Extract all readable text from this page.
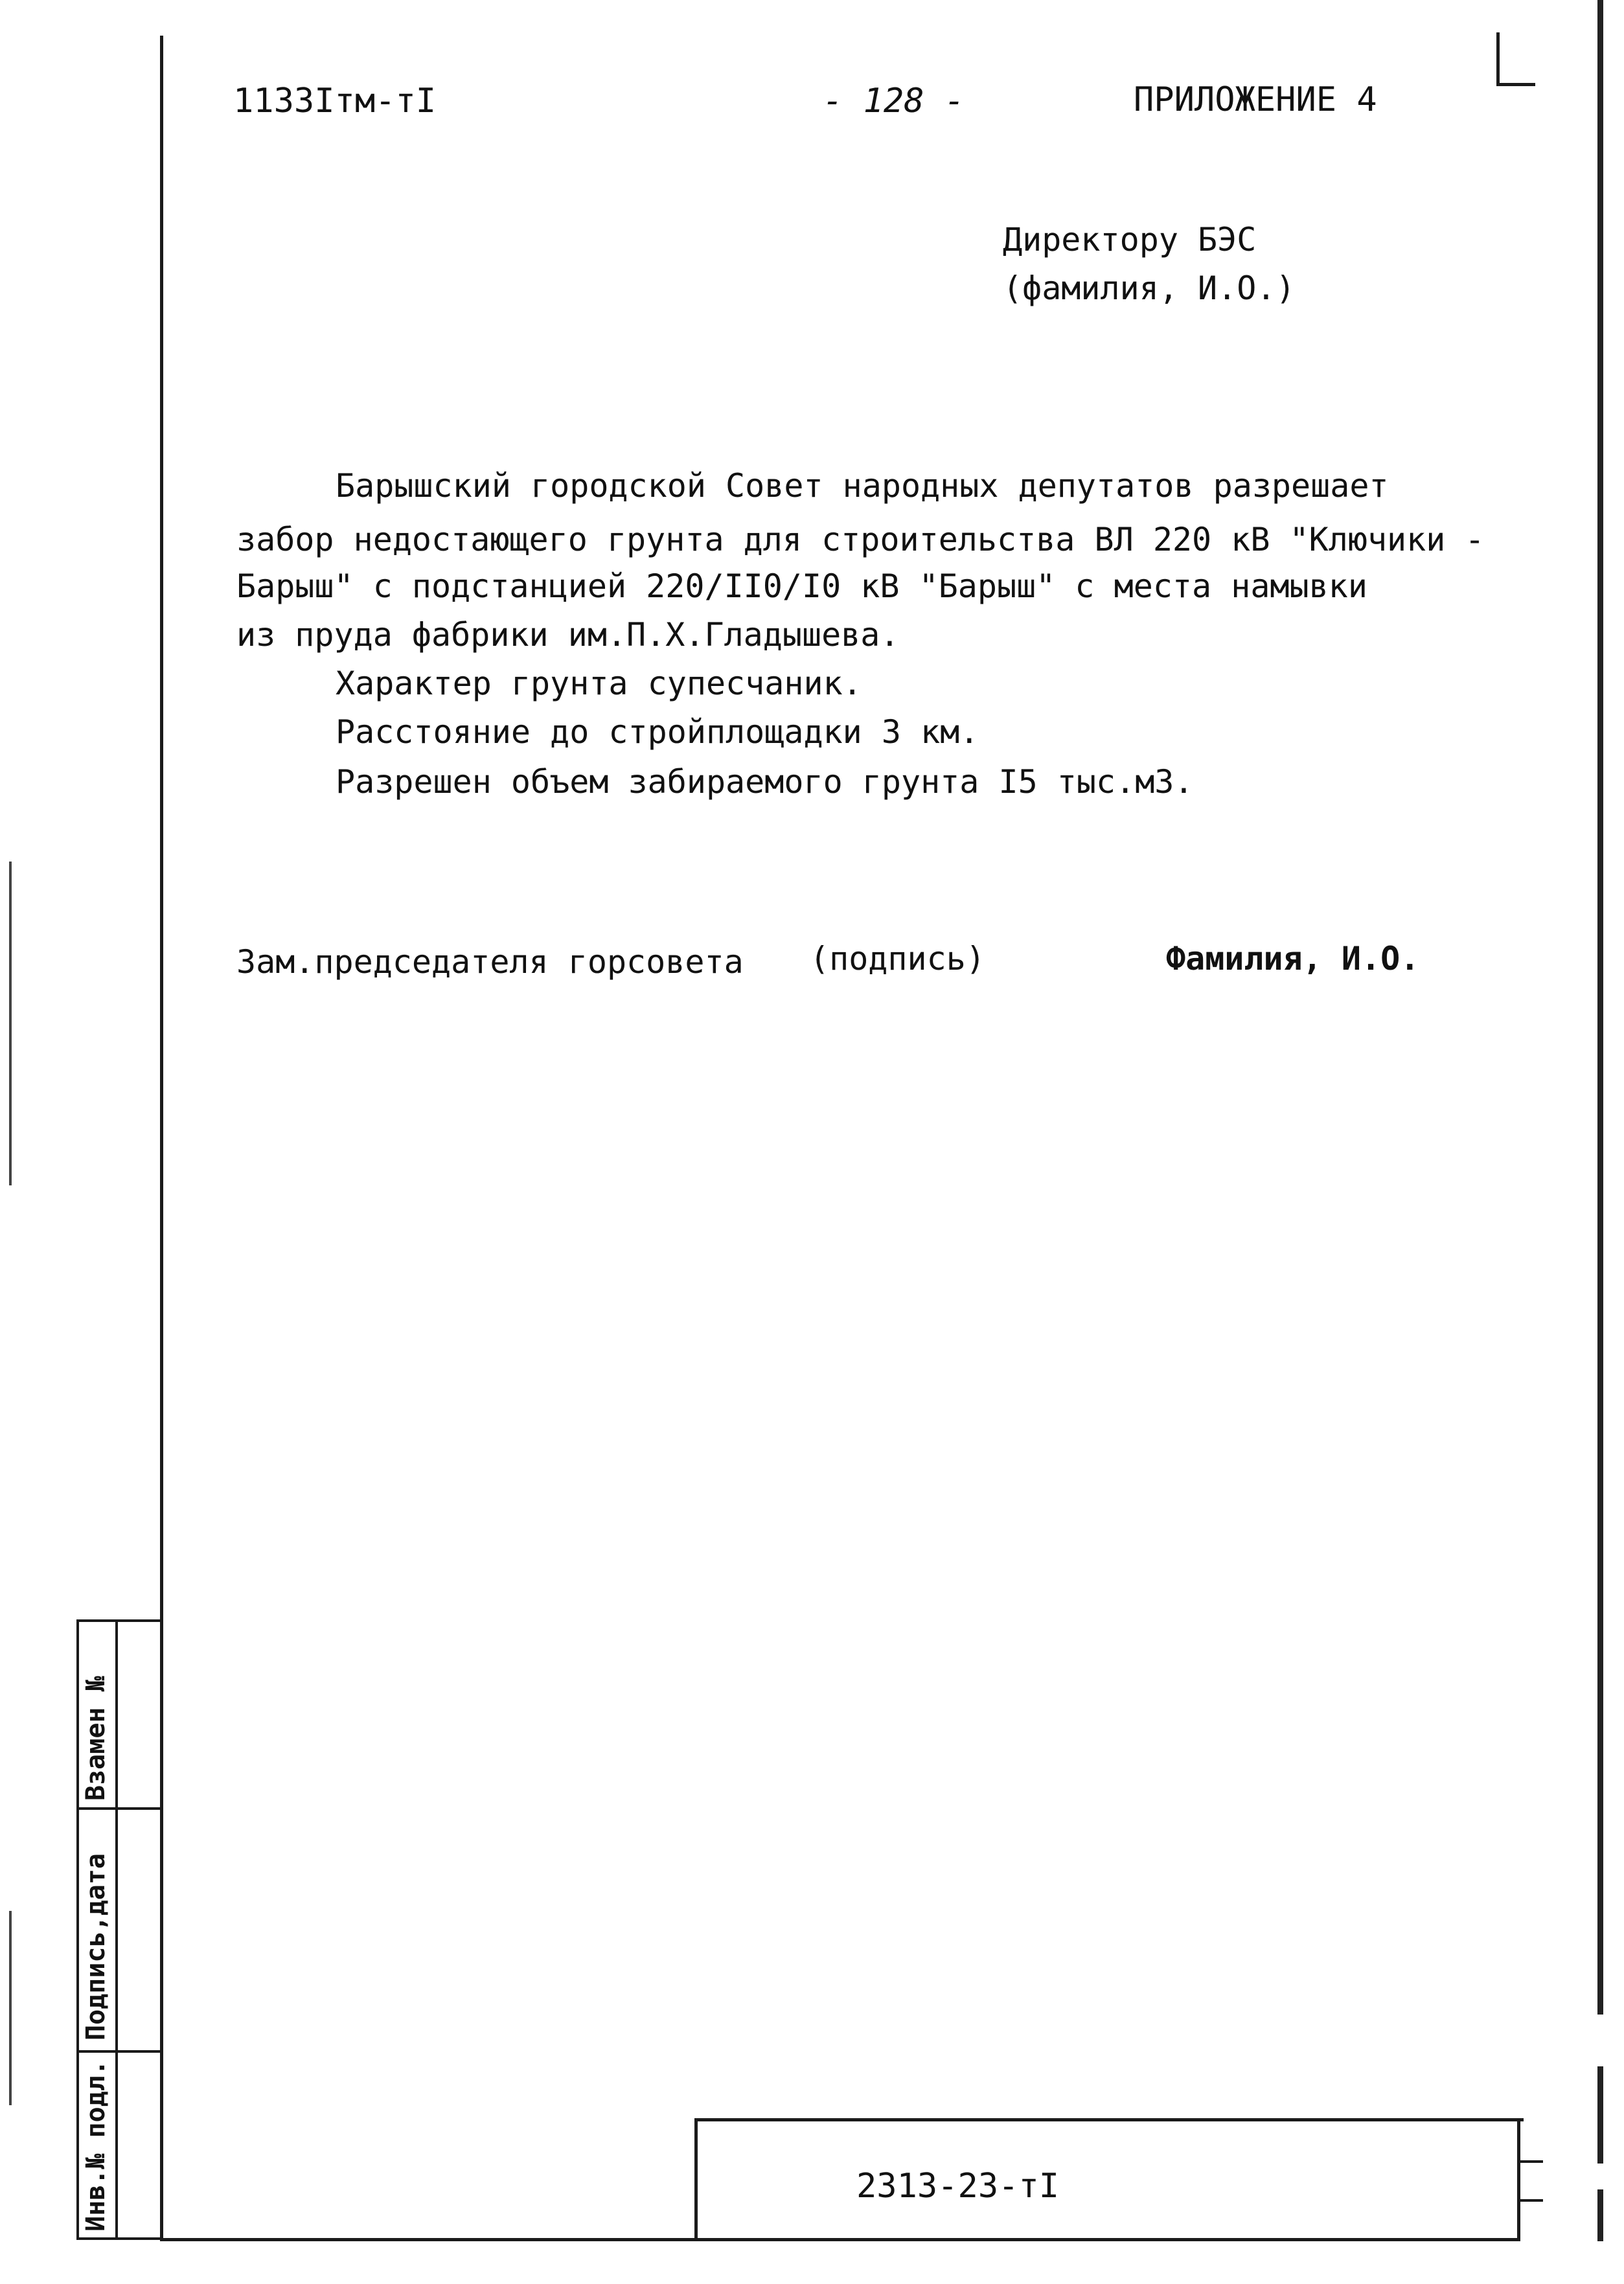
1133Iтм-тI	- 128 -	ПРИЛОЖЕНИЕ 4
Директору БЭС
(фамилия, И.О.)
Барышский городской Совет народных депутатов разрешает
забор недостающего грунта для строительства ВЛ 220 кВ "Ключики -
Барыш" с подстанцией 220/II0/I0 кВ "Барыш" с места намывки
из пруда фабрики им.П.Х.Гладышева.
Характер грунта супесчаник.
Расстояние до стройплощадки 3 км.
Разрешен объем забираемого грунта I5 тыс.м3.
Зам.председателя горсовета (подпись)	Фамилия, И.О.
Взамен №
Подпись,дата
Инв.№ подл.	2313-23-тI
